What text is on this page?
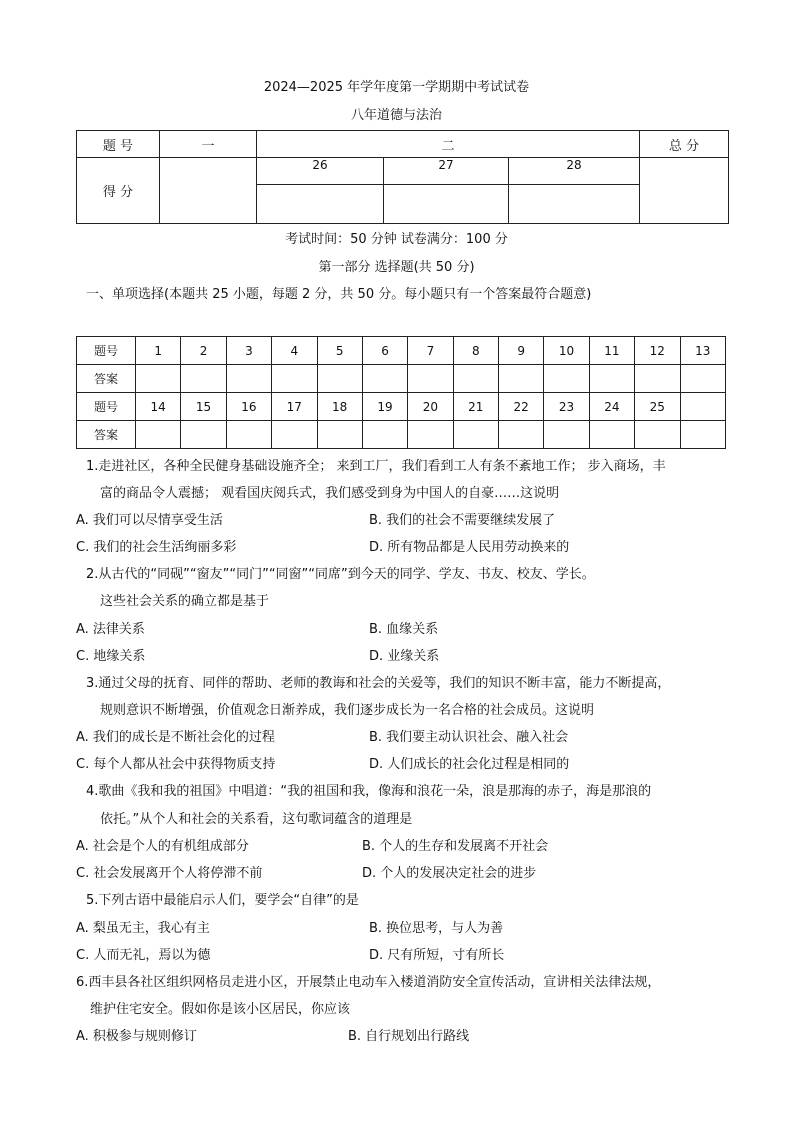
2024—2025 年学年度第一学期期中考试试卷
八年道德与法治
题 号	一	二			总 分
得 分		26	27	28	

考试时间：50 分钟 试卷满分：100 分
第一部分 选择题(共 50 分)
一、单项选择(本题共 25 小题，每题 2 分，共 50 分。每小题只有一个答案最符合题意)
题号	1	2	3	4	5	6	7	8	9	10	11	12	13
答案													
题号	14	15	16	17	18	19	20	21	22	23	24	25	
答案													
1.走进社区，各种全民健身基础设施齐全； 来到工厂，我们看到工人有条不紊地工作； 步入商场，丰
富的商品令人震撼； 观看国庆阅兵式，我们感受到身为中国人的自豪……这说明
A. 我们可以尽情享受生活	B. 我们的社会不需要继续发展了
C. 我们的社会生活绚丽多彩	D. 所有物品都是人民用劳动换来的
2.从古代的“同砚”“窗友”“同门”“同窗”“同席”到今天的同学、学友、书友、校友、学长。
这些社会关系的确立都是基于
A. 法律关系	B. 血缘关系
C. 地缘关系	D. 业缘关系
3.通过父母的抚育、同伴的帮助、老师的教诲和社会的关爱等，我们的知识不断丰富，能力不断提高，
规则意识不断增强，价值观念日渐养成，我们逐步成长为一名合格的社会成员。这说明
A. 我们的成长是不断社会化的过程	B. 我们要主动认识社会、融入社会
C. 每个人都从社会中获得物质支持	D. 人们成长的社会化过程是相同的
4.歌曲《我和我的祖国》中唱道：“我的祖国和我，像海和浪花一朵，浪是那海的赤子，海是那浪的
依托。”从个人和社会的关系看，这句歌词蕴含的道理是
A. 社会是个人的有机组成部分	B. 个人的生存和发展离不开社会
C. 社会发展离开个人将停滞不前	D. 个人的发展决定社会的进步
5.下列古语中最能启示人们，要学会“自律”的是
A. 梨虽无主，我心有主	B. 换位思考，与人为善
C. 人而无礼，焉以为德	D. 尺有所短，寸有所长
6.西丰县各社区组织网格员走进小区，开展禁止电动车入楼道消防安全宣传活动，宣讲相关法律法规，
维护住宅安全。假如你是该小区居民，你应该
A. 积极参与规则修订	B. 自行规划出行路线
